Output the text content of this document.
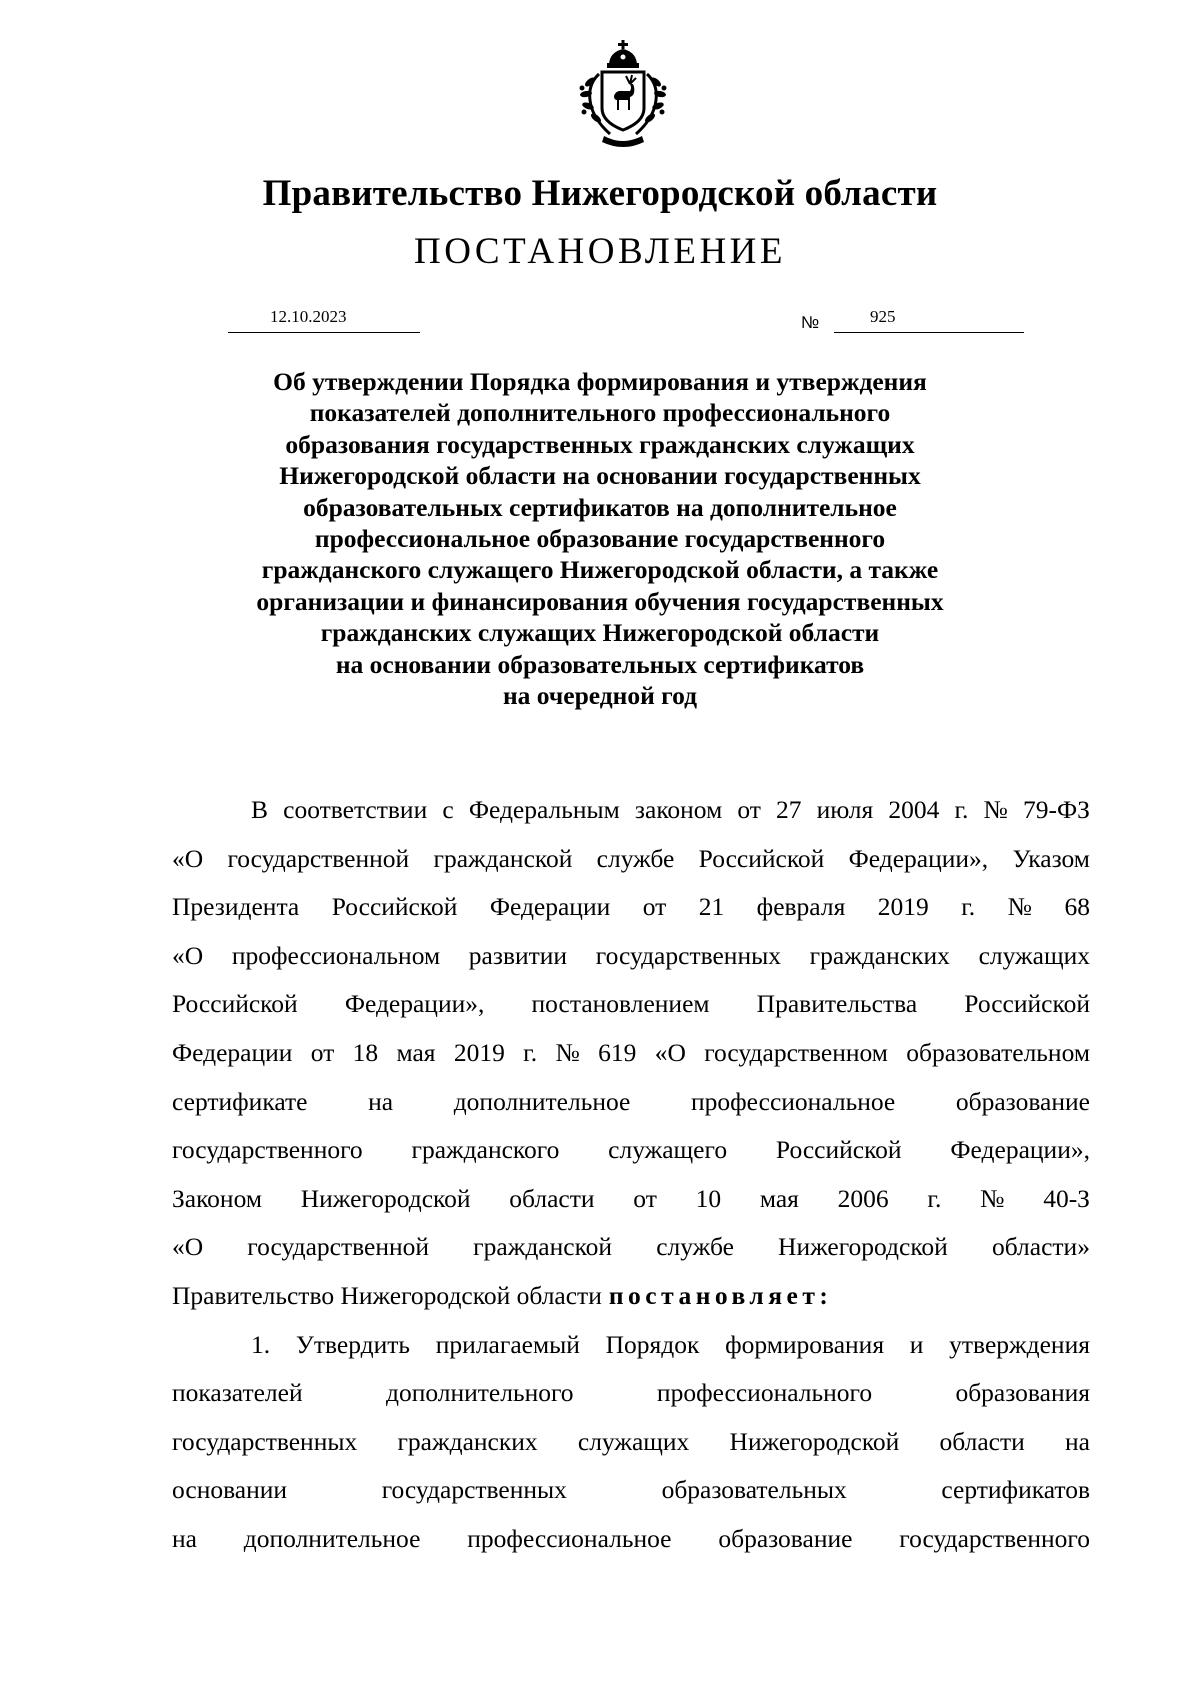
Правительство Нижегородской области
ПОСТАНОВЛЕНИЕ
12.10.2023	№	925
Об утверждении Порядка формирования и утверждения
показателей дополнительного профессионального
образования государственных гражданских служащих
Нижегородской области на основании государственных
образовательных сертификатов на дополнительное
профессиональное образование государственного
гражданского служащего Нижегородской области, а также
организации и финансирования обучения государственных
гражданских служащих Нижегородской области
на основании образовательных сертификатов
на очередной год
В соответствии с Федеральным законом от 27 июля 2004 г. № 79-ФЗ
«О государственной гражданской службе Российской Федерации», Указом
Президента Российской Федерации от 21 февраля 2019 г. № 68
«О профессиональном развитии государственных гражданских служащих
Российской Федерации», постановлением Правительства Российской
Федерации от 18 мая 2019 г. № 619 «О государственном образовательном
сертификате на дополнительное профессиональное образование
государственного гражданского служащего Российской Федерации»,
Законом Нижегородской области от 10 мая 2006 г. № 40-З
«О государственной гражданской службе Нижегородской области»
Правительство Нижегородской области постановляет:
1. Утвердить прилагаемый Порядок формирования и утверждения
показателей	дополнительного	профессионального	образования
государственных гражданских служащих Нижегородской области на
основании	государственных	образовательных	сертификатов
на дополнительное профессиональное образование государственного
